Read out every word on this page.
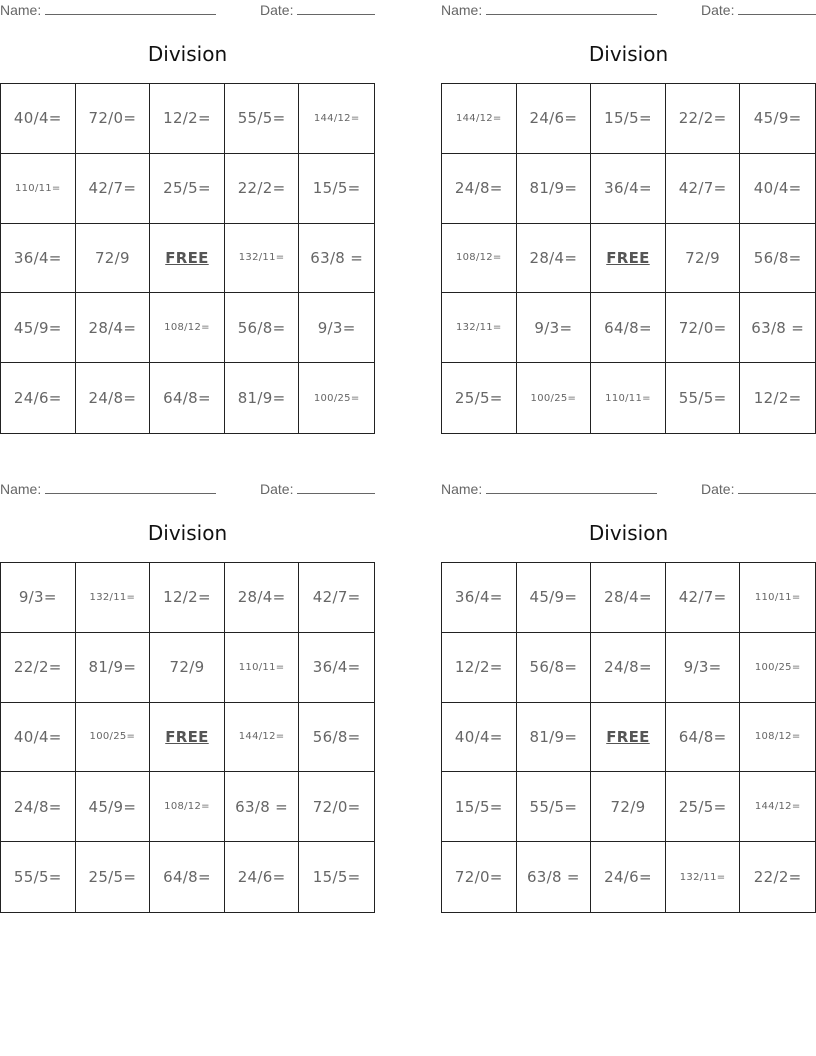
Name:	Date:
Division
40/4=	72/0=	12/2=	55/5=	144/12=
110/11=	42/7=	25/5=	22/2=	15/5=
36/4=	72/9	FREE	132/11=	63/8 =
45/9=	28/4=	108/12=	56/8=	9/3=
24/6=	24/8=	64/8=	81/9=	100/25=
Name:	Date:
Division
144/12=	24/6=	15/5=	22/2=	45/9=
24/8=	81/9=	36/4=	42/7=	40/4=
108/12=	28/4=	FREE	72/9	56/8=
132/11=	9/3=	64/8=	72/0=	63/8 =
25/5=	100/25=	110/11=	55/5=	12/2=
Name:	Date:
Division
9/3=	132/11=	12/2=	28/4=	42/7=
22/2=	81/9=	72/9	110/11=	36/4=
40/4=	100/25=	FREE	144/12=	56/8=
24/8=	45/9=	108/12=	63/8 =	72/0=
55/5=	25/5=	64/8=	24/6=	15/5=
Name:	Date:
Division
36/4=	45/9=	28/4=	42/7=	110/11=
12/2=	56/8=	24/8=	9/3=	100/25=
40/4=	81/9=	FREE	64/8=	108/12=
15/5=	55/5=	72/9	25/5=	144/12=
72/0=	63/8 =	24/6=	132/11=	22/2=
